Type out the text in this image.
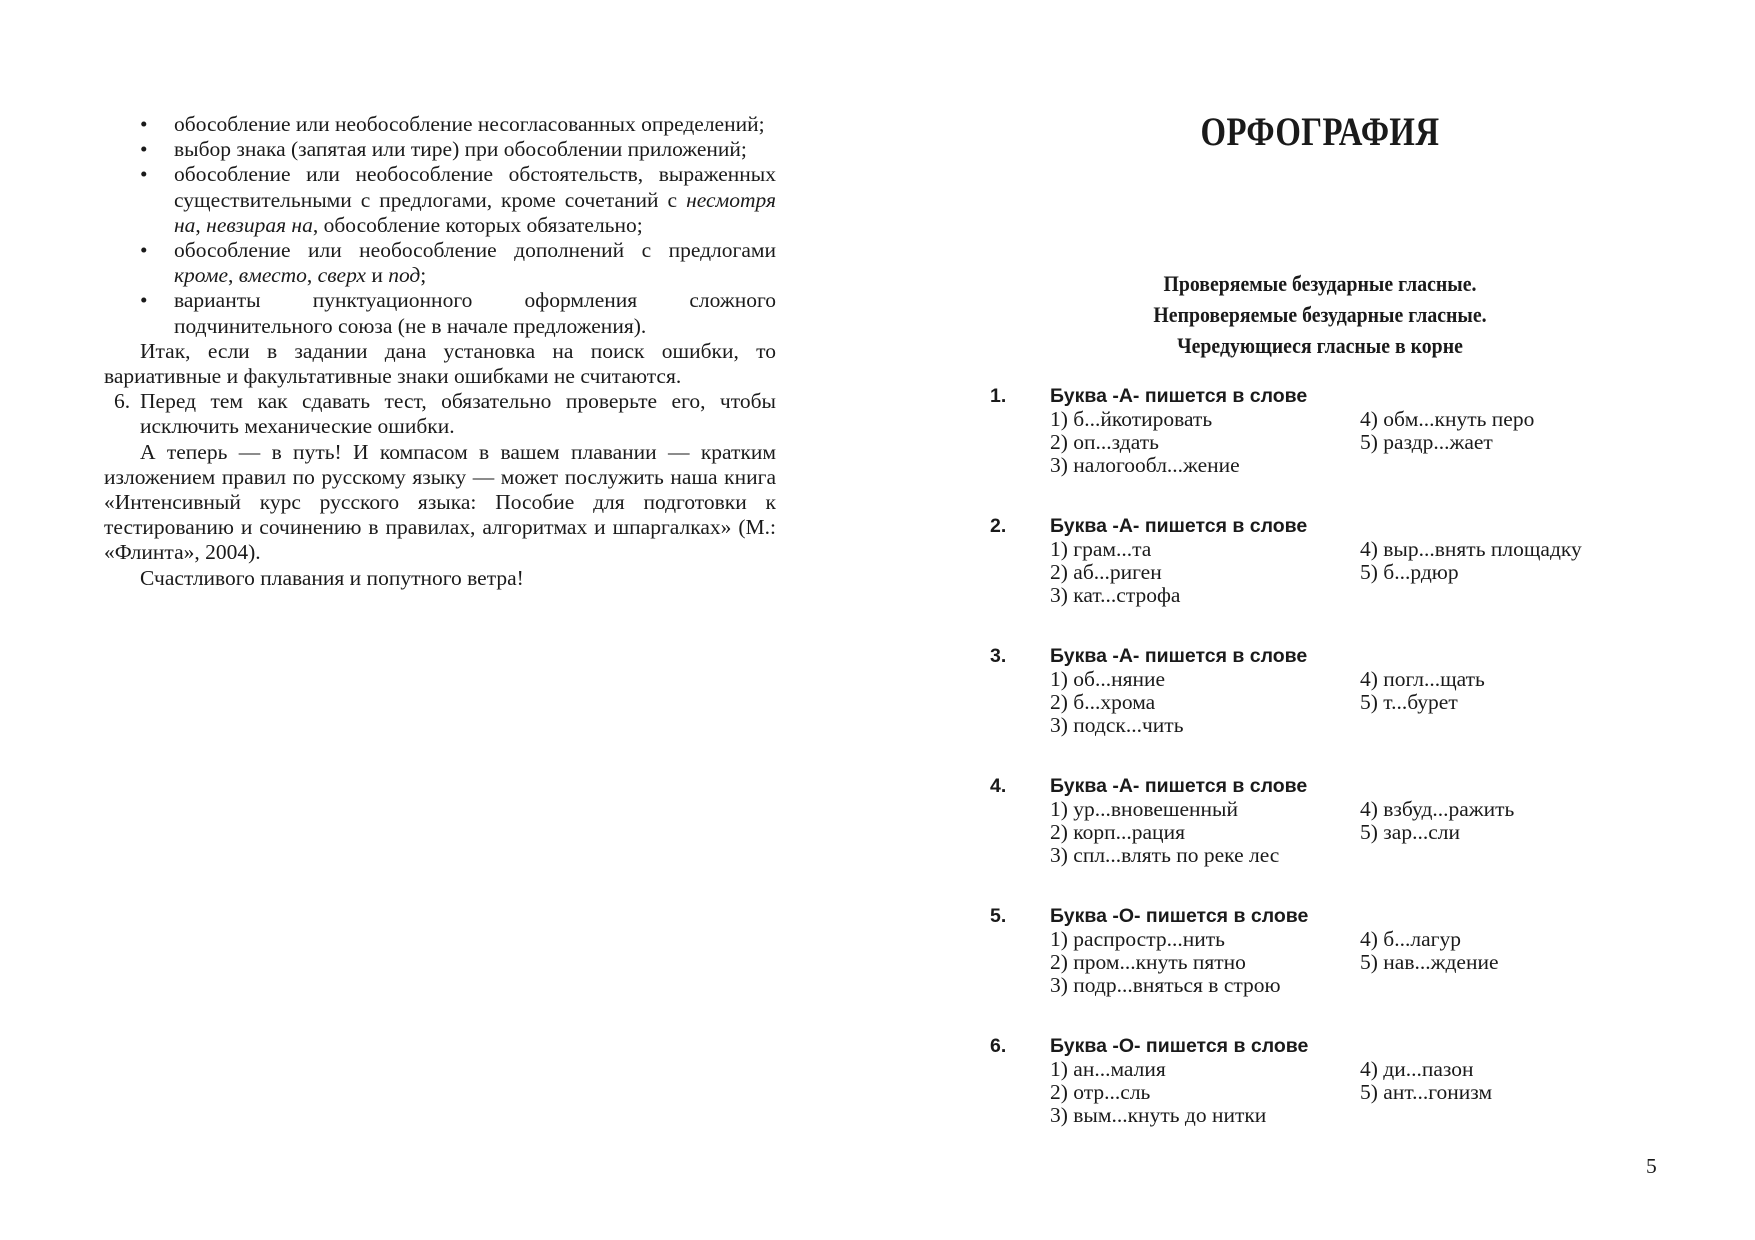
• обособление или необособление несогласованных определений;
• выбор знака (запятая или тире) при обособлении приложений;
• обособление или необособление обстоятельств, выраженных существительными с предлогами, кроме сочетаний с несмотря на, невзирая на, обособление которых обязательно;
• обособление или необособление дополнений с предлогами кроме, вместо, сверх и под;
• варианты пунктуационного оформления сложного подчинительного союза (не в начале предложения).

Итак, если в задании дана установка на поиск ошибки, то вариативные и факультативные знаки ошибками не считаются.

6. Перед тем как сдавать тест, обязательно проверьте его, чтобы исключить механические ошибки.

А теперь — в путь! И компасом в вашем плавании — кратким изложением правил по русскому языку — может послужить наша книга «Интенсивный курс русского языка: Пособие для подготовки к тестированию и сочинению в правилах, алгоритмах и шпаргалках» (М.: «Флинта», 2004).

Счастливого плавания и попутного ветра!

ОРФОГРАФИЯ
Проверяемые безударные гласные.
Непроверяемые безударные гласные.
Чередующиеся гласные в корне
1. Буква -А- пишется в слове
1) б...йкотировать
2) оп...здать
3) налогообл...жение
4) обм...кнуть перо
5) раздр...жает
2. Буква -А- пишется в слове
1) грам...та
2) аб...риген
3) кат...строфа
4) выр...внять площадку
5) б...рдюр
3. Буква -А- пишется в слове
1) об...няние
2) б...хрома
3) подск...чить
4) погл...щать
5) т...бурет
4. Буква -А- пишется в слове
1) ур...вновешенный
2) корп...рация
3) спл...влять по реке лес
4) взбуд...ражить
5) зар...сли
5. Буква -О- пишется в слове
1) распростр...нить
2) пром...кнуть пятно
3) подр...вняться в строю
4) б...лагур
5) нав...ждение
6. Буква -О- пишется в слове
1) ан...малия
2) отр...сль
3) вым...кнуть до нитки
4) ди...пазон
5) ант...гонизм
5
